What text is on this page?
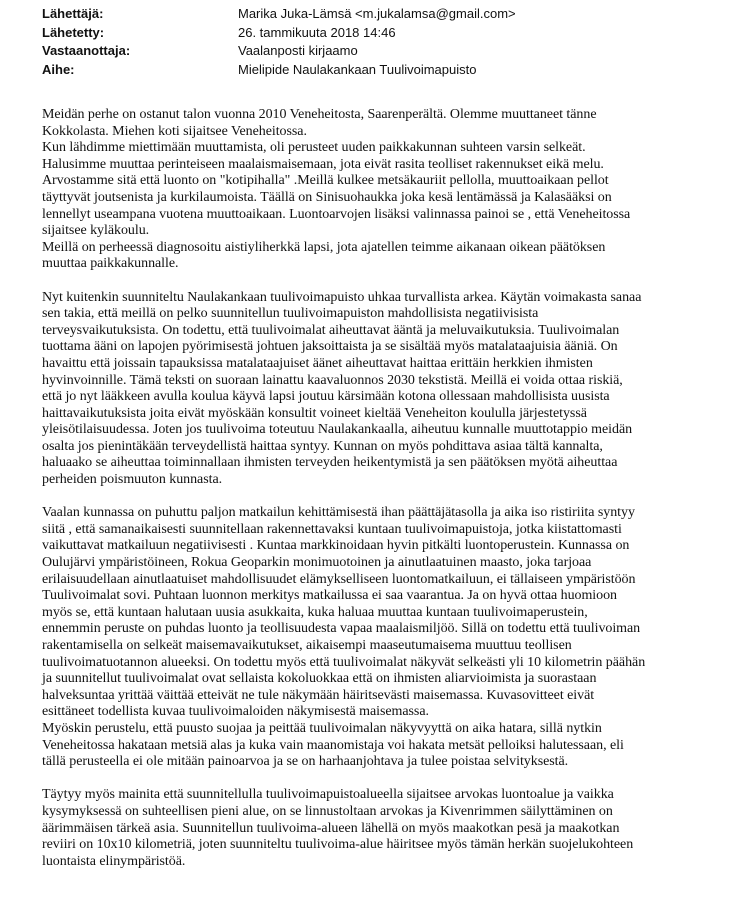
Lähettäjä:	Marika Juka-Lämsä <m.jukalamsa@gmail.com>
Lähetetty:	26. tammikuuta 2018 14:46
Vastaanottaja:	Vaalanposti kirjaamo
Aihe:	Mielipide Naulakankaan Tuulivoimapuisto
Meidän perhe on ostanut talon vuonna 2010 Veneheitosta, Saarenperältä. Olemme muuttaneet tänne
Kokkolasta. Miehen koti sijaitsee Veneheitossa.
Kun lähdimme miettimään muuttamista, oli perusteet uuden paikkakunnan suhteen varsin selkeät.
Halusimme muuttaa perinteiseen maalaismaisemaan, jota eivät rasita teolliset rakennukset eikä melu.
Arvostamme sitä että luonto on "kotipihalla" .Meillä kulkee metsäkauriit pellolla, muuttoaikaan pellot
täyttyvät joutsenista ja kurkilaumoista. Täällä on Sinisuohaukka joka kesä lentämässä ja Kalasääksi on
lennellyt useampana vuotena muuttoaikaan. Luontoarvojen lisäksi valinnassa painoi se , että Veneheitossa
sijaitsee kyläkoulu.
Meillä on perheessä diagnosoitu aistiyliherkkä lapsi, jota ajatellen teimme aikanaan oikean päätöksen
muuttaa paikkakunnalle.
Nyt kuitenkin suunniteltu Naulakankaan tuulivoimapuisto uhkaa turvallista arkea. Käytän voimakasta sanaa
sen takia, että meillä on pelko suunnitellun tuulivoimapuiston mahdollisista negatiivisista
terveysvaikutuksista. On todettu, että tuulivoimalat aiheuttavat ääntä ja meluvaikutuksia. Tuulivoimalan
tuottama ääni on lapojen pyörimisestä johtuen jaksoittaista ja se sisältää myös matalataajuisia ääniä. On
havaittu että joissain tapauksissa matalataajuiset äänet aiheuttavat haittaa erittäin herkkien ihmisten
hyvinvoinnille. Tämä teksti on suoraan lainattu kaavaluonnos 2030 tekstistä. Meillä ei voida ottaa riskiä,
että jo nyt lääkkeen avulla koulua käyvä lapsi joutuu kärsimään kotona ollessaan mahdollisista uusista
haittavaikutuksista joita eivät myöskään konsultit voineet kieltää Veneheiton koululla järjestetyssä
yleisötilaisuudessa. Joten jos tuulivoima toteutuu Naulakankaalla, aiheutuu kunnalle muuttotappio meidän
osalta jos pienintäkään terveydellistä haittaa syntyy. Kunnan on myös pohdittava asiaa tältä kannalta,
haluaako se aiheuttaa toiminnallaan ihmisten terveyden heikentymistä ja sen päätöksen myötä aiheuttaa
perheiden poismuuton kunnasta.
Vaalan kunnassa on puhuttu paljon matkailun kehittämisestä ihan päättäjätasolla ja aika iso ristiriita syntyy
siitä , että samanaikaisesti suunnitellaan rakennettavaksi kuntaan tuulivoimapuistoja, jotka kiistattomasti
vaikuttavat matkailuun negatiivisesti . Kuntaa markkinoidaan hyvin pitkälti luontoperustein. Kunnassa on
Oulujärvi ympäristöineen, Rokua Geoparkin monimuotoinen ja ainutlaatuinen maasto, joka tarjoaa
erilaisuudellaan ainutlaatuiset mahdollisuudet elämykselliseen luontomatkailuun, ei tällaiseen ympäristöön
Tuulivoimalat sovi. Puhtaan luonnon merkitys matkailussa ei saa vaarantua. Ja on hyvä ottaa huomioon
myös se, että kuntaan halutaan uusia asukkaita, kuka haluaa muuttaa kuntaan tuulivoimaperustein,
ennemmin peruste on puhdas luonto ja teollisuudesta vapaa maalaismiljöö. Sillä on todettu että tuulivoiman
rakentamisella on selkeät maisemavaikutukset, aikaisempi maaseutumaisema muuttuu teollisen
tuulivoimatuotannon alueeksi. On todettu myös että tuulivoimalat näkyvät selkeästi yli 10 kilometrin päähän
ja suunnitellut tuulivoimalat ovat sellaista kokoluokkaa että on ihmisten aliarvioimista ja suorastaan
halveksuntaa yrittää väittää etteivät ne tule näkymään häiritsevästi maisemassa. Kuvasovitteet eivät
esittäneet todellista kuvaa tuulivoimaloiden näkymisestä maisemassa.
Myöskin perustelu, että puusto suojaa ja peittää tuulivoimalan näkyvyyttä on aika hatara, sillä nytkin
Veneheitossa hakataan metsiä alas ja kuka vain maanomistaja voi hakata metsät pelloiksi halutessaan, eli
tällä perusteella ei ole mitään painoarvoa ja se on harhaanjohtava ja tulee poistaa selvityksestä.
Täytyy myös mainita että suunnitellulla tuulivoimapuistoalueella sijaitsee arvokas luontoalue ja vaikka
kysymyksessä on suhteellisen pieni alue, on se linnustoltaan arvokas ja Kivenrimmen säilyttäminen on
äärimmäisen tärkeä asia. Suunnitellun tuulivoima-alueen lähellä on myös maakotkan pesä ja maakotkan
reviiri on 10x10 kilometriä, joten suunniteltu tuulivoima-alue häiritsee myös tämän herkän suojelukohteen
luontaista elinympäristöä.
